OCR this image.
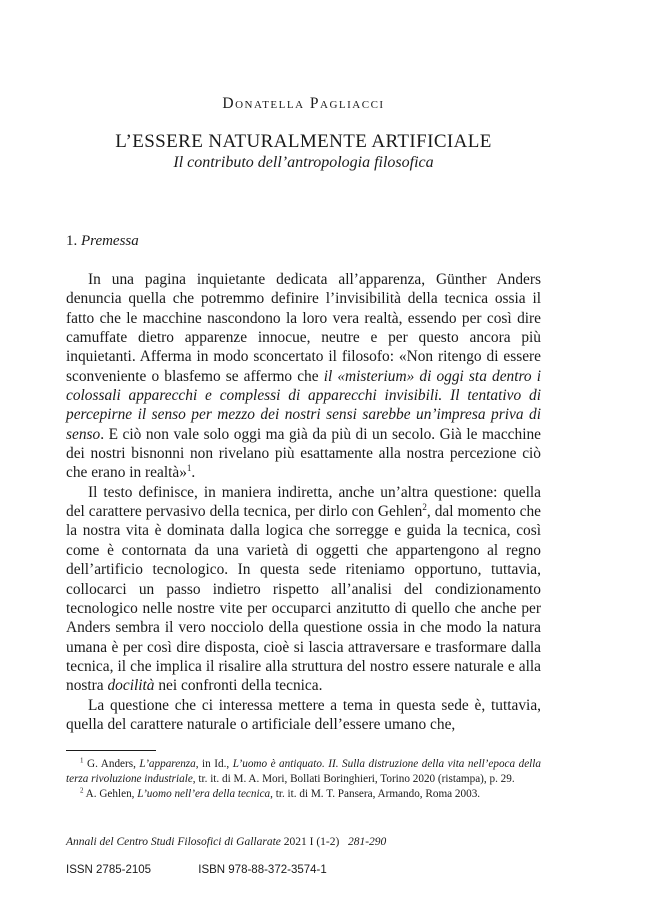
Donatella Pagliacci
L’ESSERE NATURALMENTE ARTIFICIALE
Il contributo dell’antropologia filosofica
1. Premessa

In una pagina inquietante dedicata all’apparenza, Günther Anders denuncia quella che potremmo definire l’invisibilità della tecnica ossia il fatto che le macchine nascondono la loro vera realtà, essendo per così dire camuffate dietro apparenze innocue, neutre e per questo ancora più inquietanti. Afferma in modo sconcertato il filosofo: «Non ritengo di essere sconveniente o blasfemo se affermo che il «misterium» di oggi sta dentro i colossali apparecchi e complessi di apparecchi invisibili. Il tentativo di percepirne il senso per mezzo dei nostri sensi sarebbe un’impresa priva di senso. E ciò non vale solo oggi ma già da più di un secolo. Già le macchine dei nostri bisnonni non rivelano più esattamente alla nostra percezione ciò che erano in realtà»$^1$.

Il testo definisce, in maniera indiretta, anche un’altra questione: quella del carattere pervasivo della tecnica, per dirlo con Gehlen$^2$, dal momento che la nostra vita è dominata dalla logica che sorregge e guida la tecnica, così come è contornata da una varietà di oggetti che appartengono al regno dell’artificio tecnologico. In questa sede riteniamo opportuno, tuttavia, collocarci un passo indietro rispetto all’analisi del condizionamento tecnologico nelle nostre vite per occuparci anzitutto di quello che anche per Anders sembra il vero nocciolo della questione ossia in che modo la natura umana è per così dire disposta, cioè si lascia attraversare e trasformare dalla tecnica, il che implica il risalire alla struttura del nostro essere naturale e alla nostra docilità nei confronti della tecnica.

La questione che ci interessa mettere a tema in questa sede è, tuttavia, quella del carattere naturale o artificiale dell’essere umano che,

$^1$ G. Anders, L’apparenza, in Id., L’uomo è antiquato. II. Sulla distruzione della vita nell’epoca della terza rivoluzione industriale, tr. it. di M. A. Mori, Bollati Boringhieri, Torino 2020 (ristampa), p. 29.

$^2$ A. Gehlen, L’uomo nell’era della tecnica, tr. it. di M. T. Pansera, Armando, Roma 2003.

Annali del Centro Studi Filosofici di Gallarate 2021 I (1-2) 281-290
ISSN 2785-2105	ISBN 978-88-372-3574-1
